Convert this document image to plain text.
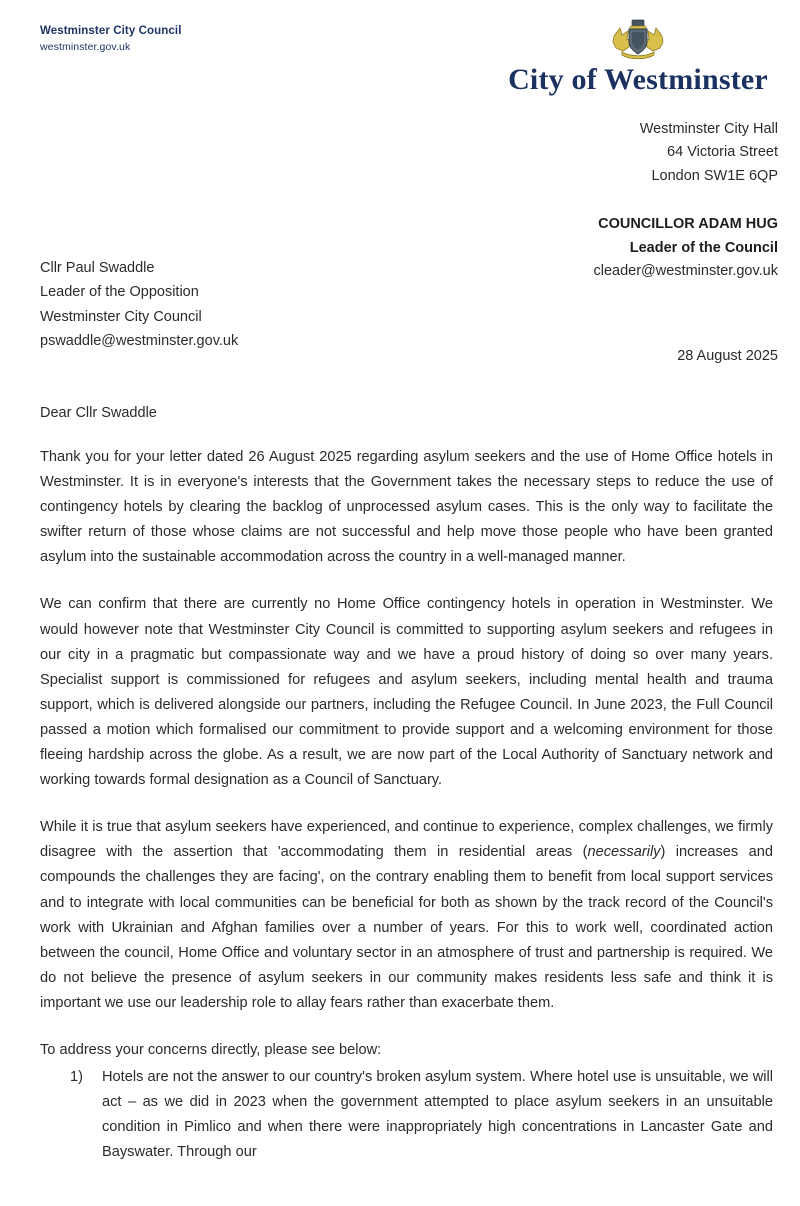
Westminster City Council
westminster.gov.uk
City of Westminster
Westminster City Hall
64 Victoria Street
London SW1E 6QP
COUNCILLOR ADAM HUG
Leader of the Council
cleader@westminster.gov.uk
Cllr Paul Swaddle
Leader of the Opposition
Westminster City Council
pswaddle@westminster.gov.uk
28 August 2025
Dear Cllr Swaddle

Thank you for your letter dated 26 August 2025 regarding asylum seekers and the use of Home Office hotels in Westminster. It is in everyone's interests that the Government takes the necessary steps to reduce the use of contingency hotels by clearing the backlog of unprocessed asylum cases. This is the only way to facilitate the swifter return of those whose claims are not successful and help move those people who have been granted asylum into the sustainable accommodation across the country in a well-managed manner.

We can confirm that there are currently no Home Office contingency hotels in operation in Westminster. We would however note that Westminster City Council is committed to supporting asylum seekers and refugees in our city in a pragmatic but compassionate way and we have a proud history of doing so over many years. Specialist support is commissioned for refugees and asylum seekers, including mental health and trauma support, which is delivered alongside our partners, including the Refugee Council. In June 2023, the Full Council passed a motion which formalised our commitment to provide support and a welcoming environment for those fleeing hardship across the globe. As a result, we are now part of the Local Authority of Sanctuary network and working towards formal designation as a Council of Sanctuary.

While it is true that asylum seekers have experienced, and continue to experience, complex challenges, we firmly disagree with the assertion that 'accommodating them in residential areas (necessarily) increases and compounds the challenges they are facing', on the contrary enabling them to benefit from local support services and to integrate with local communities can be beneficial for both as shown by the track record of the Council's work with Ukrainian and Afghan families over a number of years. For this to work well, coordinated action between the council, Home Office and voluntary sector in an atmosphere of trust and partnership is required. We do not believe the presence of asylum seekers in our community makes residents less safe and think it is important we use our leadership role to allay fears rather than exacerbate them.

To address your concerns directly, please see below:

1)	Hotels are not the answer to our country's broken asylum system. Where hotel use is unsuitable, we will act – as we did in 2023 when the government attempted to place asylum seekers in an unsuitable condition in Pimlico and when there were inappropriately high concentrations in Lancaster Gate and Bayswater. Through our
